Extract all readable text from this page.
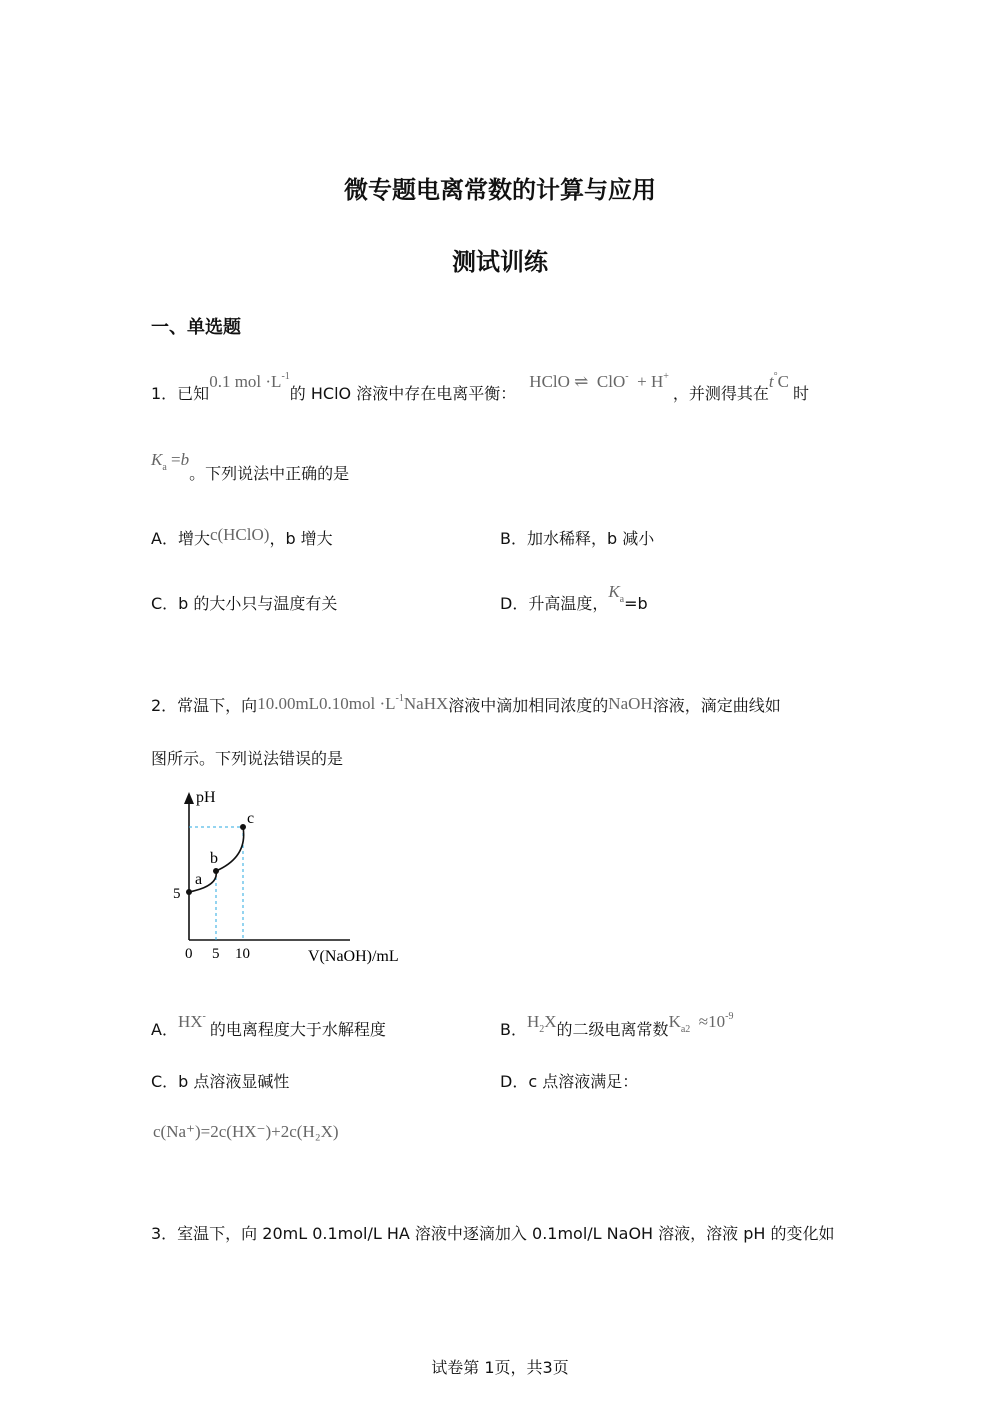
微专题电离常数的计算与应用
测试训练
一、单选题
1．已知0.1 mol $\cdot L^{-1}$的 HClO 溶液中存在电离平衡： HClO ⇌ ClO- + H+，并测得其在t°C时
$K_a =b$。下列说法中正确的是
A．增大c(HClO)，b 增大	B．加水稀释，b 减小
C．b 的大小只与温度有关	D．升高温度，$K_a=b$
2．常温下，向$10.00mL0.10mol \cdot L^{-1}NaHX$溶液中滴加相同浓度的NaOH溶液，滴定曲线如
图所示。下列说法错误的是
pH
V(NaOH)/mL
0 5 10
5
a
b
c
A．HX-的电离程度大于水解程度	B．$H_2X$的二级电离常数$K_{a2} \approx 10^{-9}$
C．b 点溶液显碱性	D．c 点溶液满足：
c(Na⁺)=2c(HX⁻)+2c(H₂X)
3．室温下，向 20mL 0.1mol/L HA 溶液中逐滴加入 0.1mol/L NaOH 溶液，溶液 pH 的变化如
试卷第 1页，共3页
